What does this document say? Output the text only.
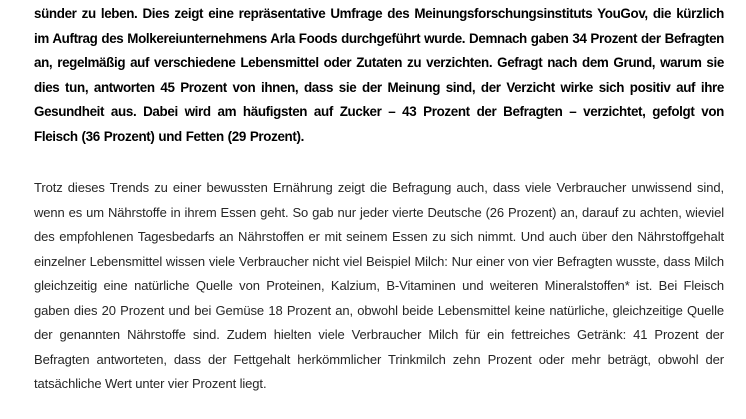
sünder zu leben. Dies zeigt eine repräsentative Umfrage des Meinungsforschungsinstituts YouGov, die kürzlich im Auftrag des Molkereiunternehmens Arla Foods durchgeführt wurde. Demnach gaben 34 Prozent der Befragten an, regelmäßig auf verschiedene Lebensmittel oder Zutaten zu verzichten. Gefragt nach dem Grund, warum sie dies tun, antworten 45 Prozent von ihnen, dass sie der Meinung sind, der Verzicht wirke sich positiv auf ihre Gesundheit aus. Dabei wird am häufigsten auf Zucker – 43 Prozent der Befragten – verzichtet, gefolgt von Fleisch (36 Prozent) und Fetten (29 Prozent).

Trotz dieses Trends zu einer bewussten Ernährung zeigt die Befragung auch, dass viele Verbraucher unwissend sind, wenn es um Nährstoffe in ihrem Essen geht. So gab nur jeder vierte Deutsche (26 Prozent) an, darauf zu achten, wieviel des empfohlenen Tagesbedarfs an Nährstoffen er mit seinem Essen zu sich nimmt. Und auch über den Nährstoffgehalt einzelner Lebensmittel wissen viele Verbraucher nicht viel Beispiel Milch: Nur einer von vier Befragten wusste, dass Milch gleichzeitig eine natürliche Quelle von Proteinen, Kalzium, B-Vitaminen und weiteren Mineralstoffen* ist. Bei Fleisch gaben dies 20 Prozent und bei Gemüse 18 Prozent an, obwohl beide Lebensmittel keine natürliche, gleichzeitige Quelle der genannten Nährstoffe sind. Zudem hielten viele Verbraucher Milch für ein fettreiches Getränk: 41 Prozent der Befragten antworteten, dass der Fettgehalt herkömmlicher Trinkmilch zehn Prozent oder mehr beträgt, obwohl der tatsächliche Wert unter vier Prozent liegt.
